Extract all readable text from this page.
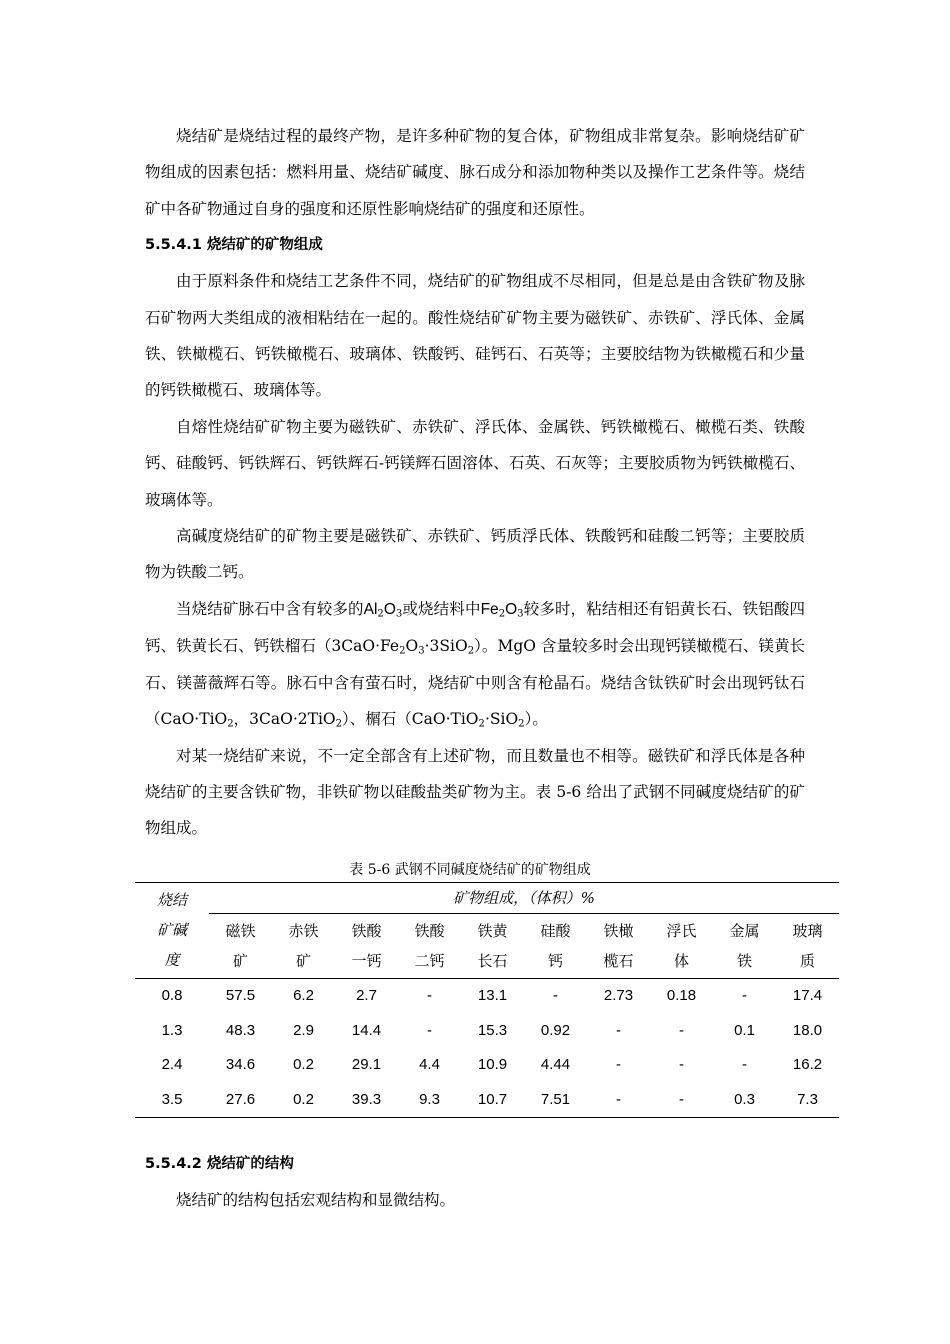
烧结矿是烧结过程的最终产物，是许多种矿物的复合体，矿物组成非常复杂。影响烧结矿矿物组成的因素包括：燃料用量、烧结矿碱度、脉石成分和添加物种类以及操作工艺条件等。烧结矿中各矿物通过自身的强度和还原性影响烧结矿的强度和还原性。

5.5.4.1 烧结矿的矿物组成

由于原料条件和烧结工艺条件不同，烧结矿的矿物组成不尽相同，但是总是由含铁矿物及脉石矿物两大类组成的液相粘结在一起的。酸性烧结矿矿物主要为磁铁矿、赤铁矿、浮氏体、金属铁、铁橄榄石、钙铁橄榄石、玻璃体、铁酸钙、硅钙石、石英等；主要胶结物为铁橄榄石和少量的钙铁橄榄石、玻璃体等。

自熔性烧结矿矿物主要为磁铁矿、赤铁矿、浮氏体、金属铁、钙铁橄榄石、橄榄石类、铁酸钙、硅酸钙、钙铁辉石、钙铁辉石-钙镁辉石固溶体、石英、石灰等；主要胶质物为钙铁橄榄石、玻璃体等。

高碱度烧结矿的矿物主要是磁铁矿、赤铁矿、钙质浮氏体、铁酸钙和硅酸二钙等；主要胶质物为铁酸二钙。

当烧结矿脉石中含有较多的$Al_2O_3$或烧结料中$Fe_2O_3$较多时，粘结相还有铝黄长石、铁铝酸四钙、铁黄长石、钙铁榴石$(3CaO\cdot Fe_2O_3\cdot 3SiO_2)$。MgO 含量较多时会出现钙镁橄榄石、镁黄长石、镁蔷薇辉石等。脉石中含有萤石时，烧结矿中则含有枪晶石。烧结含钛铁矿时会出现钙钛石（CaO·TiO$_2$，3CaO·2TiO$_2$）、榍石（CaO·TiO$_2$·SiO$_2$）。

对某一烧结矿来说，不一定全部含有上述矿物，而且数量也不相等。磁铁矿和浮氏体是各种烧结矿的主要含铁矿物，非铁矿物以硅酸盐类矿物为主。表 5-6 给出了武钢不同碱度烧结矿的矿物组成。

表 5-6 武钢不同碱度烧结矿的矿物组成
烧结矿碱度	矿物组成，（体积）%									
	磁铁矿	赤铁矿	铁酸一钙	铁酸二钙	铁黄长石	硅酸钙	铁橄榄石	浮氏体	金属铁	玻璃质
0.8	57.5	6.2	2.7	-	13.1	-	2.73	0.18	-	17.4
1.3	48.3	2.9	14.4	-	15.3	0.92	-	-	0.1	18.0
2.4	34.6	0.2	29.1	4.4	10.9	4.44	-	-	-	16.2
3.5	27.6	0.2	39.3	9.3	10.7	7.51	-	-	0.3	7.3
5.5.4.2 烧结矿的结构

烧结矿的结构包括宏观结构和显微结构。
